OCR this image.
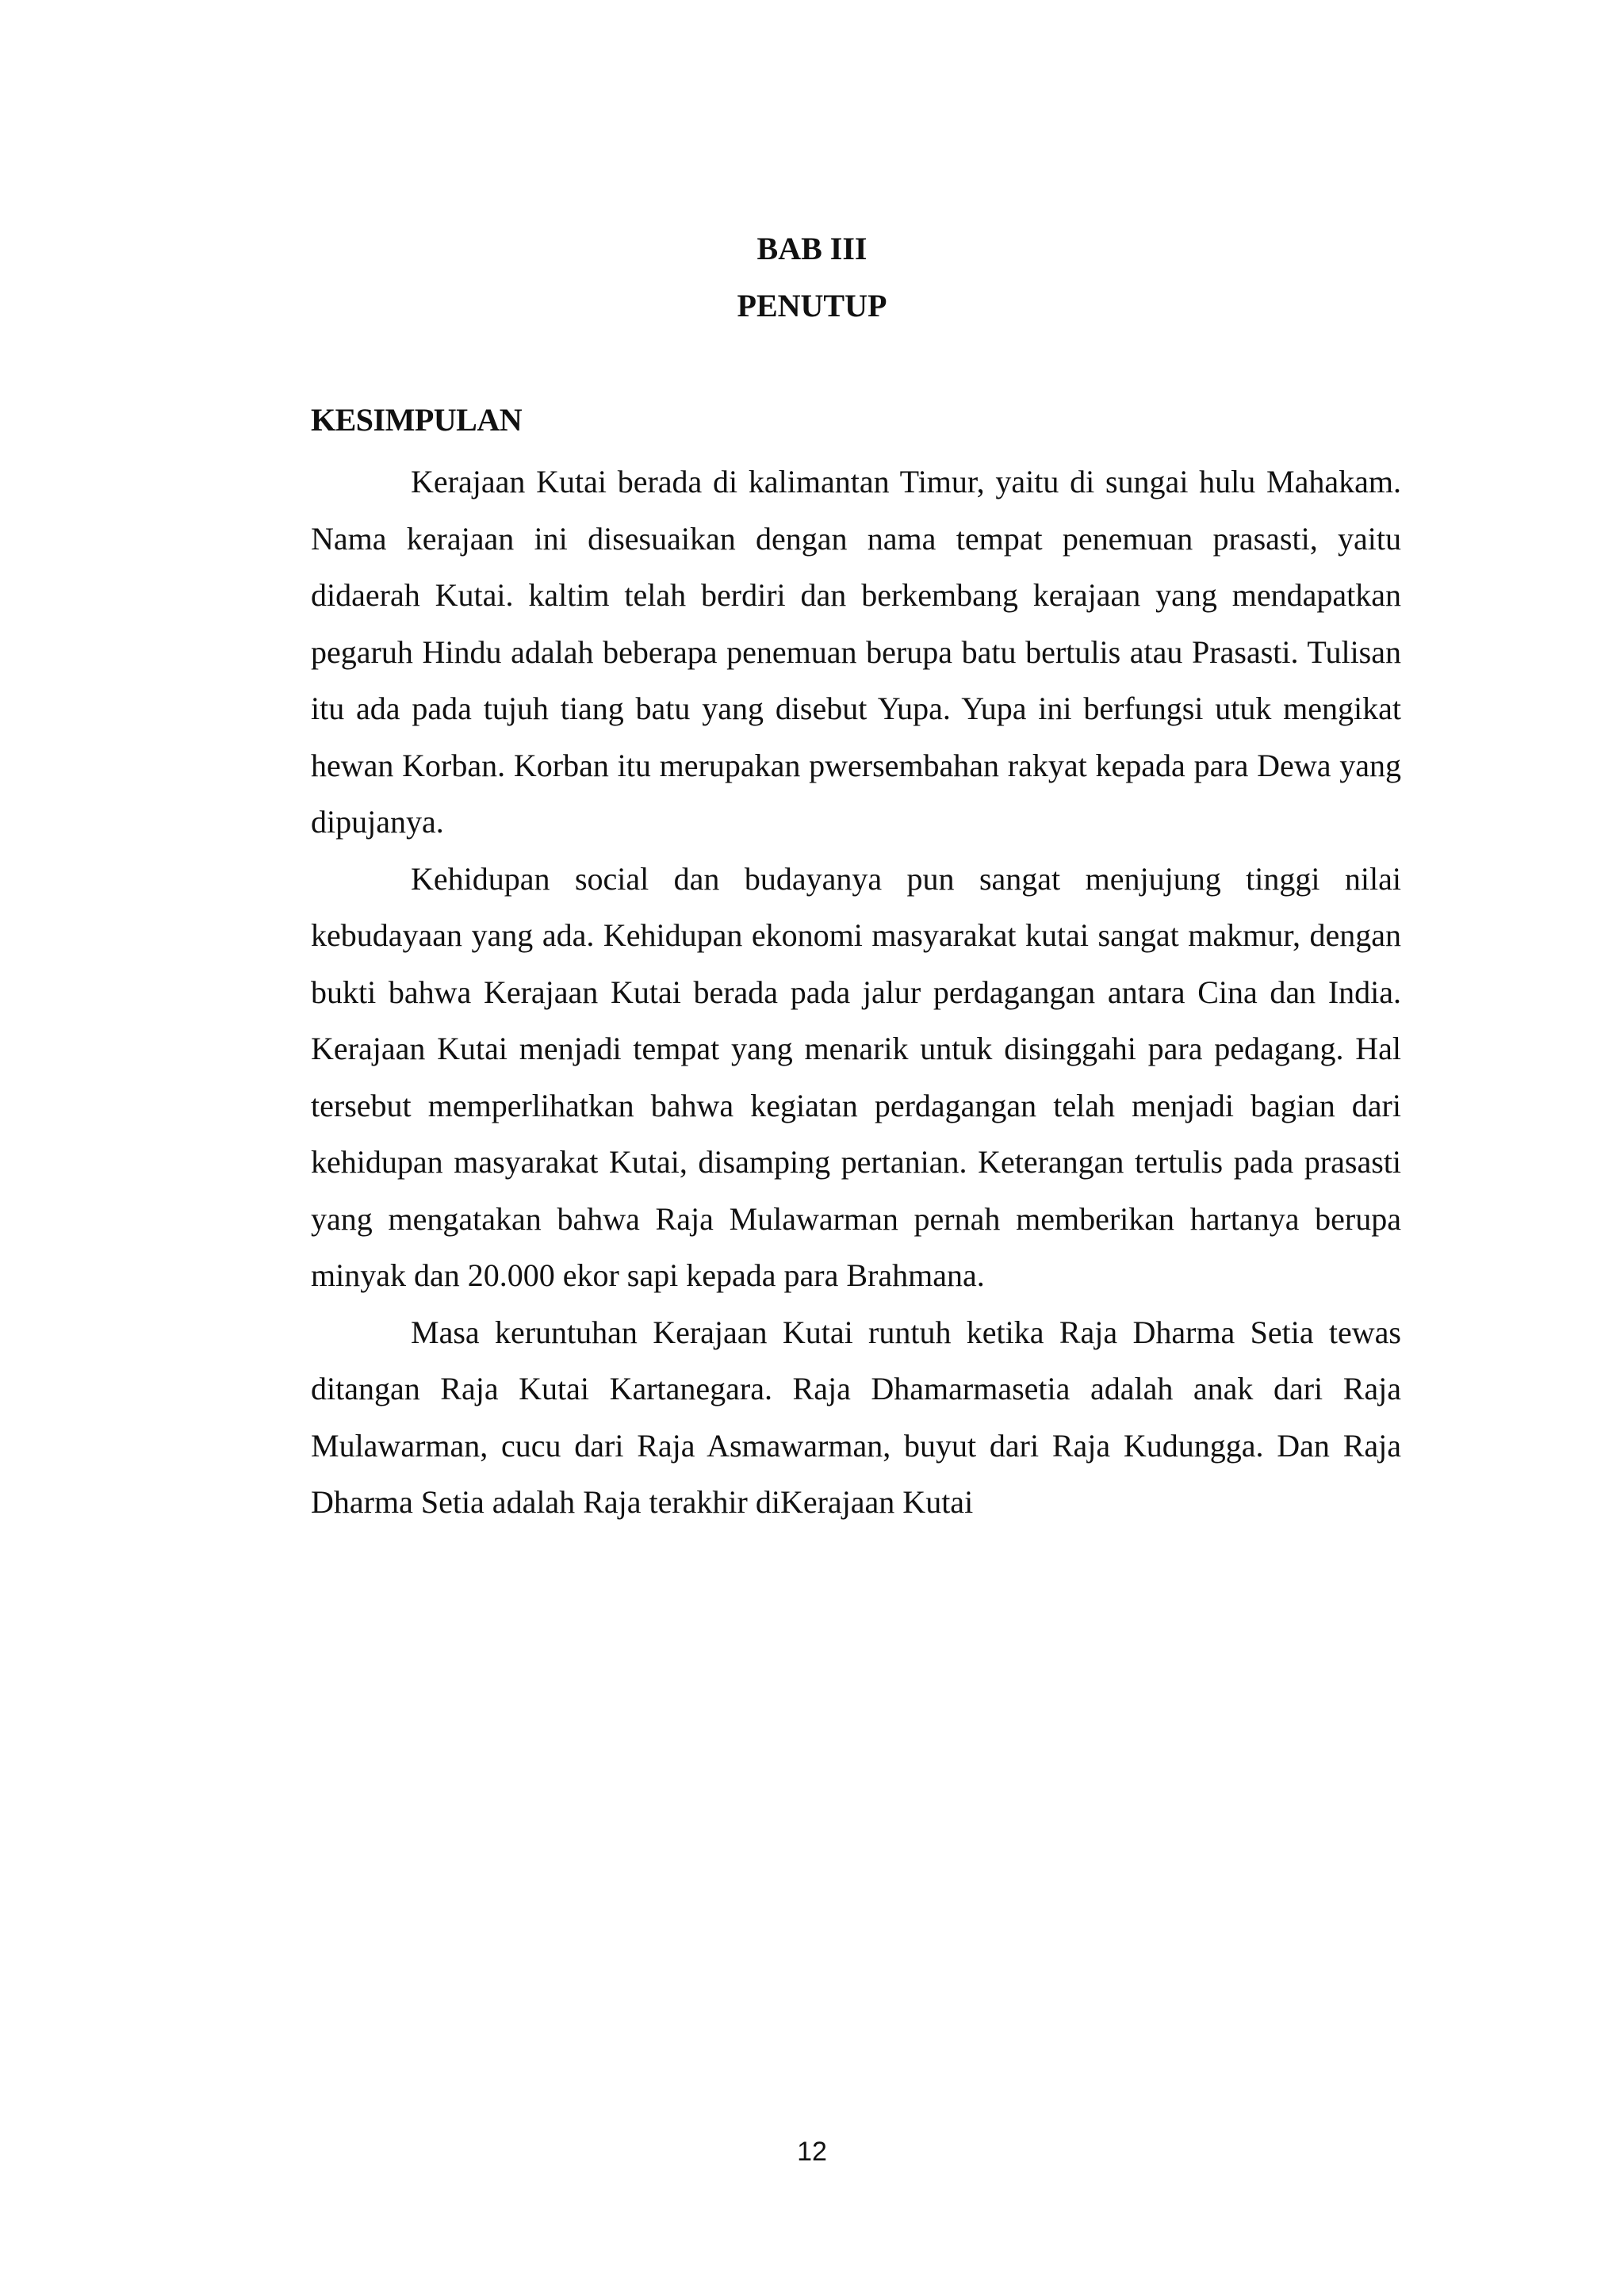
BAB III
PENUTUP
KESIMPULAN

Kerajaan Kutai berada di kalimantan Timur, yaitu di sungai hulu Mahakam. Nama kerajaan ini disesuaikan dengan nama tempat penemuan prasasti, yaitu didaerah Kutai. kaltim telah berdiri dan berkembang kerajaan yang mendapatkan pegaruh Hindu adalah beberapa penemuan berupa batu bertulis atau Prasasti. Tulisan itu ada pada tujuh tiang batu yang disebut Yupa. Yupa ini berfungsi utuk mengikat hewan Korban. Korban itu merupakan pwersembahan rakyat kepada para Dewa yang dipujanya.

Kehidupan social dan budayanya pun sangat menjujung tinggi nilai kebudayaan yang ada. Kehidupan ekonomi masyarakat kutai sangat makmur, dengan bukti bahwa Kerajaan Kutai berada pada jalur perdagangan antara Cina dan India. Kerajaan Kutai menjadi tempat yang menarik untuk disinggahi para pedagang. Hal tersebut memperlihatkan bahwa kegiatan perdagangan telah menjadi bagian dari kehidupan masyarakat Kutai, disamping pertanian. Keterangan tertulis pada prasasti yang mengatakan bahwa Raja Mulawarman pernah memberikan hartanya berupa minyak dan 20.000 ekor sapi kepada para Brahmana.

Masa keruntuhan Kerajaan Kutai runtuh ketika Raja Dharma Setia tewas ditangan Raja Kutai Kartanegara. Raja Dhamarmasetia adalah anak dari Raja Mulawarman, cucu dari Raja Asmawarman, buyut dari Raja Kudungga. Dan Raja Dharma Setia adalah Raja terakhir diKerajaan Kutai

12
